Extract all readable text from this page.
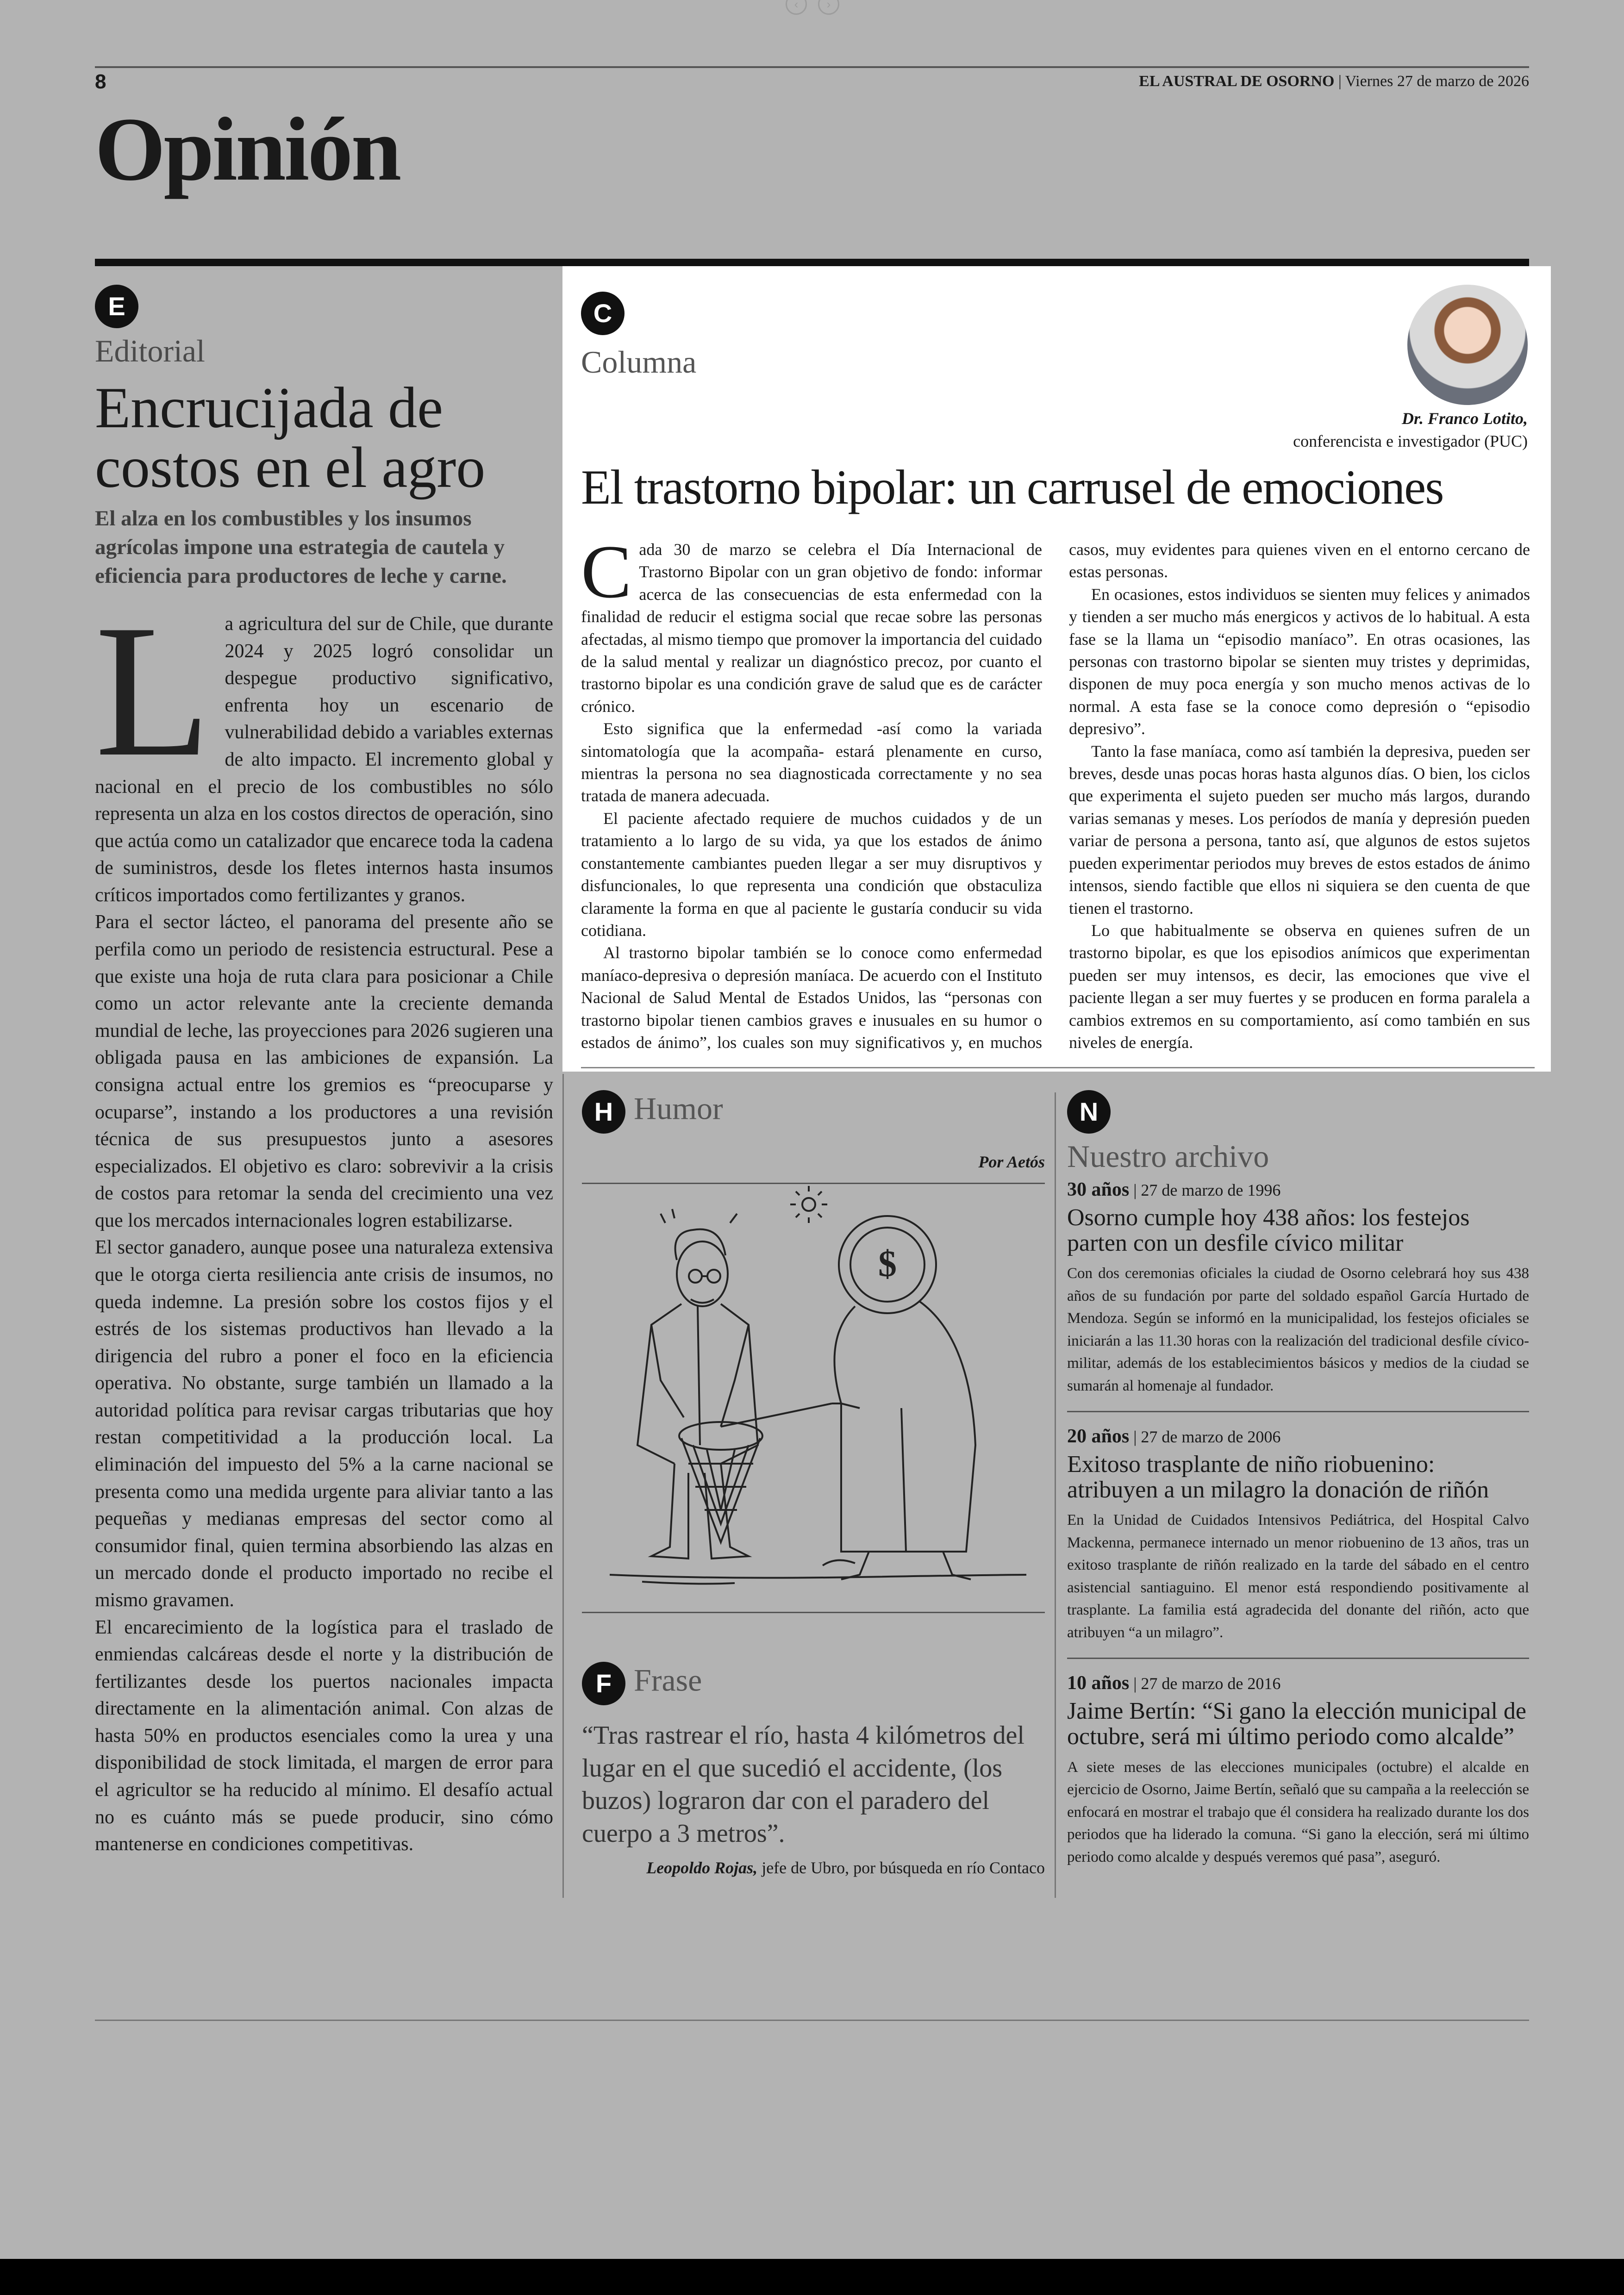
‹	›
8	EL AUSTRAL DE OSORNO | Viernes 27 de marzo de 2026
Opinión
E
Editorial
Encrucijada de costos en el agro
El alza en los combustibles y los insumos agrícolas impone una estrategia de cautela y eficiencia para productores de leche y carne.

La agricultura del sur de Chile, que durante 2024 y 2025 logró consolidar un despegue productivo significativo, enfrenta hoy un escenario de vulnerabilidad debido a variables externas de alto impacto. El incremento global y nacional en el precio de los combustibles no sólo representa un alza en los costos directos de operación, sino que actúa como un catalizador que encarece toda la cadena de suministros, desde los fletes internos hasta insumos críticos importados como fertilizantes y granos.

Para el sector lácteo, el panorama del presente año se perfila como un periodo de resistencia estructural. Pese a que existe una hoja de ruta clara para posicionar a Chile como un actor relevante ante la creciente demanda mundial de leche, las proyecciones para 2026 sugieren una obligada pausa en las ambiciones de expansión. La consigna actual entre los gremios es “preocuparse y ocuparse”, instando a los productores a una revisión técnica de sus presupuestos junto a asesores especializados. El objetivo es claro: sobrevivir a la crisis de costos para retomar la senda del crecimiento una vez que los mercados internacionales logren estabilizarse.

El sector ganadero, aunque posee una naturaleza extensiva que le otorga cierta resiliencia ante crisis de insumos, no queda indemne. La presión sobre los costos fijos y el estrés de los sistemas productivos han llevado a la dirigencia del rubro a poner el foco en la eficiencia operativa. No obstante, surge también un llamado a la autoridad política para revisar cargas tributarias que hoy restan competitividad a la producción local. La eliminación del impuesto del 5% a la carne nacional se presenta como una medida urgente para aliviar tanto a las pequeñas y medianas empresas del sector como al consumidor final, quien termina absorbiendo las alzas en un mercado donde el producto importado no recibe el mismo gravamen.

El encarecimiento de la logística para el traslado de enmiendas calcáreas desde el norte y la distribución de fertilizantes desde los puertos nacionales impacta directamente en la alimentación animal. Con alzas de hasta 50% en productos esenciales como la urea y una disponibilidad de stock limitada, el margen de error para el agricultor se ha reducido al mínimo. El desafío actual no es cuánto más se puede producir, sino cómo mantenerse en condiciones competitivas.

C
Columna
Dr. Franco Lotito,
conferencista e investigador (PUC)
El trastorno bipolar: un carrusel de emociones

Cada 30 de marzo se celebra el Día Internacional de Trastorno Bipolar con un gran objetivo de fondo: informar acerca de las consecuencias de esta enfermedad con la finalidad de reducir el estigma social que recae sobre las personas afectadas, al mismo tiempo que promover la importancia del cuidado de la salud mental y realizar un diagnóstico precoz, por cuanto el trastorno bipolar es una condición grave de salud que es de carácter crónico.

Esto significa que la enfermedad -así como la variada sintomatología que la acompaña- estará plenamente en curso, mientras la persona no sea diagnosticada correctamente y no sea tratada de manera adecuada.

El paciente afectado requiere de muchos cuidados y de un tratamiento a lo largo de su vida, ya que los estados de ánimo constantemente cambiantes pueden llegar a ser muy disruptivos y disfuncionales, lo que representa una condición que obstaculiza claramente la forma en que al paciente le gustaría conducir su vida cotidiana.

Al trastorno bipolar también se lo conoce como enfermedad maníaco-depresiva o depresión maníaca. De acuerdo con el Instituto Nacional de Salud Mental de Estados Unidos, las “personas con trastorno bipolar tienen cambios graves e inusuales en su humor o estados de ánimo”, los cuales son muy significativos y, en muchos casos, muy evidentes para quienes viven en el entorno cercano de estas personas.

En ocasiones, estos individuos se sienten muy felices y animados y tienden a ser mucho más energicos y activos de lo habitual. A esta fase se la llama un “episodio maníaco”. En otras ocasiones, las personas con trastorno bipolar se sienten muy tristes y deprimidas, disponen de muy poca energía y son mucho menos activas de lo normal. A esta fase se la conoce como depresión o “episodio depresivo”.

Tanto la fase maníaca, como así también la depresiva, pueden ser breves, desde unas pocas horas hasta algunos días. O bien, los ciclos que experimenta el sujeto pueden ser mucho más largos, durando varias semanas y meses. Los períodos de manía y depresión pueden variar de persona a persona, tanto así, que algunos de estos sujetos pueden experimentar periodos muy breves de estos estados de ánimo intensos, siendo factible que ellos ni siquiera se den cuenta de que tienen el trastorno.

Lo que habitualmente se observa en quienes sufren de un trastorno bipolar, es que los episodios anímicos que experimentan pueden ser muy intensos, es decir, las emociones que vive el paciente llegan a ser muy fuertes y se producen en forma paralela a cambios extremos en su comportamiento, así como también en sus niveles de energía.

H Humor
Por Aetós
$
F Frase
“Tras rastrear el río, hasta 4 kilómetros del lugar en el que sucedió el accidente, (los buzos) lograron dar con el paradero del cuerpo a 3 metros”.
Leopoldo Rojas, jefe de Ubro, por búsqueda en río Contaco
N
Nuestro archivo
30 años | 27 de marzo de 1996
Osorno cumple hoy 438 años: los festejos parten con un desfile cívico militar
Con dos ceremonias oficiales la ciudad de Osorno celebrará hoy sus 438 años de su fundación por parte del soldado español García Hurtado de Mendoza. Según se informó en la municipalidad, los festejos oficiales se iniciarán a las 11.30 horas con la realización del tradicional desfile cívico-militar, además de los establecimientos básicos y medios de la ciudad se sumarán al homenaje al fundador.
20 años | 27 de marzo de 2006
Exitoso trasplante de niño riobuenino: atribuyen a un milagro la donación de riñón
En la Unidad de Cuidados Intensivos Pediátrica, del Hospital Calvo Mackenna, permanece internado un menor riobuenino de 13 años, tras un exitoso trasplante de riñón realizado en la tarde del sábado en el centro asistencial santiaguino. El menor está respondiendo positivamente al trasplante. La familia está agradecida del donante del riñón, acto que atribuyen “a un milagro”.
10 años | 27 de marzo de 2016
Jaime Bertín: “Si gano la elección municipal de octubre, será mi último periodo como alcalde”
A siete meses de las elecciones municipales (octubre) el alcalde en ejercicio de Osorno, Jaime Bertín, señaló que su campaña a la reelección se enfocará en mostrar el trabajo que él considera ha realizado durante los dos periodos que ha liderado la comuna. “Si gano la elección, será mi último periodo como alcalde y después veremos qué pasa”, aseguró.
